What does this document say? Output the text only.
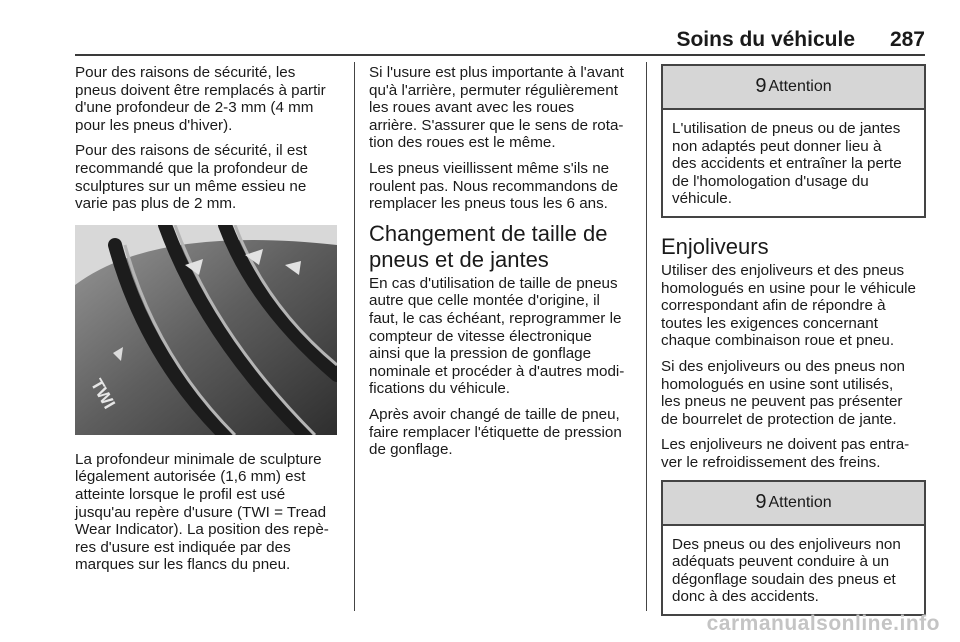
Soins du véhicule 287

Pour des raisons de sécurité, les
pneus doivent être remplacés à partir
d'une profondeur de 2-3 mm (4 mm
pour les pneus d'hiver).

Pour des raisons de sécurité, il est
recommandé que la profondeur de
sculptures sur un même essieu ne
varie pas plus de 2 mm.

TWI

La profondeur minimale de sculpture
légalement autorisée (1,6 mm) est
atteinte lorsque le profil est usé
jusqu'au repère d'usure (TWI = Tread
Wear Indicator). La position des repè-
res d'usure est indiquée par des
marques sur les flancs du pneu.

Si l'usure est plus importante à l'avant
qu'à l'arrière, permuter régulièrement
les roues avant avec les roues
arrière. S'assurer que le sens de rota-
tion des roues est le même.

Les pneus vieillissent même s'ils ne
roulent pas. Nous recommandons de
remplacer les pneus tous les 6 ans.

Changement de taille de
pneus et de jantes

En cas d'utilisation de taille de pneus
autre que celle montée d'origine, il
faut, le cas échéant, reprogrammer le
compteur de vitesse électronique
ainsi que la pression de gonflage
nominale et procéder à d'autres modi-
fications du véhicule.

Après avoir changé de taille de pneu,
faire remplacer l'étiquette de pression
de gonflage.

9 Attention
L'utilisation de pneus ou de jantes
non adaptés peut donner lieu à
des accidents et entraîner la perte
de l'homologation d'usage du
véhicule.
Enjoliveurs

Utiliser des enjoliveurs et des pneus
homologués en usine pour le véhicule
correspondant afin de répondre à
toutes les exigences concernant
chaque combinaison roue et pneu.

Si des enjoliveurs ou des pneus non
homologués en usine sont utilisés,
les pneus ne peuvent pas présenter
de bourrelet de protection de jante.

Les enjoliveurs ne doivent pas entra-
ver le refroidissement des freins.

9 Attention
Des pneus ou des enjoliveurs non
adéquats peuvent conduire à un
dégonflage soudain des pneus et
donc à des accidents.
carmanualsonline.info
